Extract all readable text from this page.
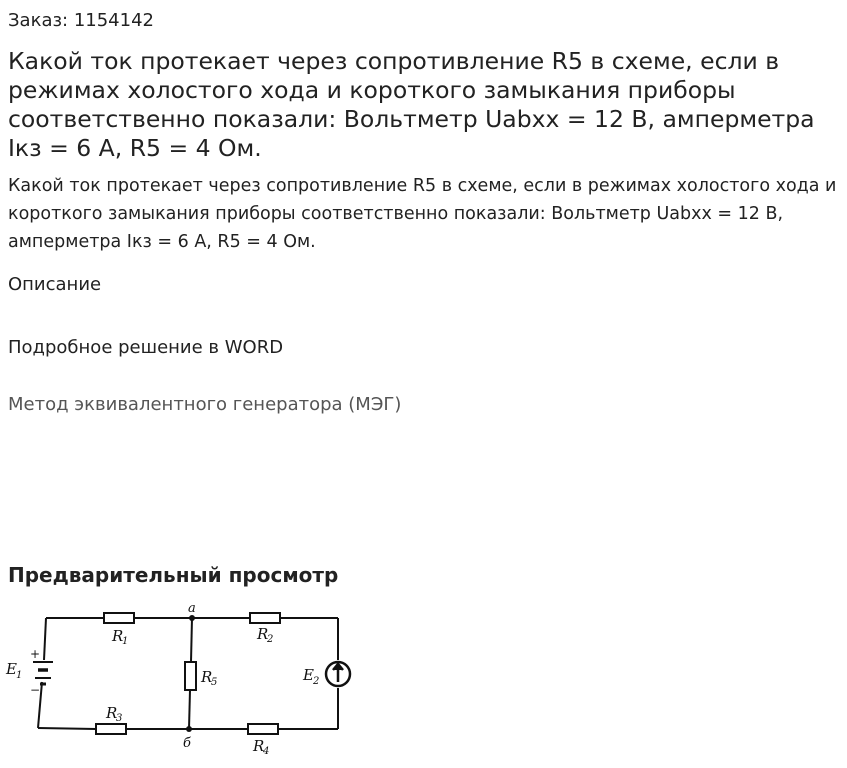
Заказ: 1154142
Какой ток протекает через сопротивление R5 в схеме, если в режимах холостого хода и короткого замыкания приборы соответственно показали: Вольтметр Uabxx = 12 В, амперметра Iкз = 6 А, R5 = 4 Ом.

Какой ток протекает через сопротивление R5 в схеме, если в режимах холостого хода и короткого замыкания приборы соответственно показали: Вольтметр Uabxx = 12 В, амперметра Iкз = 6 А, R5 = 4 Ом.

Описание
Подробное решение в WORD
Метод эквивалентного генератора (МЭГ)
Предварительный просмотр
R
1	R
2
R
3
R
4
R
5
E 1
+
−
E 2
a
б
